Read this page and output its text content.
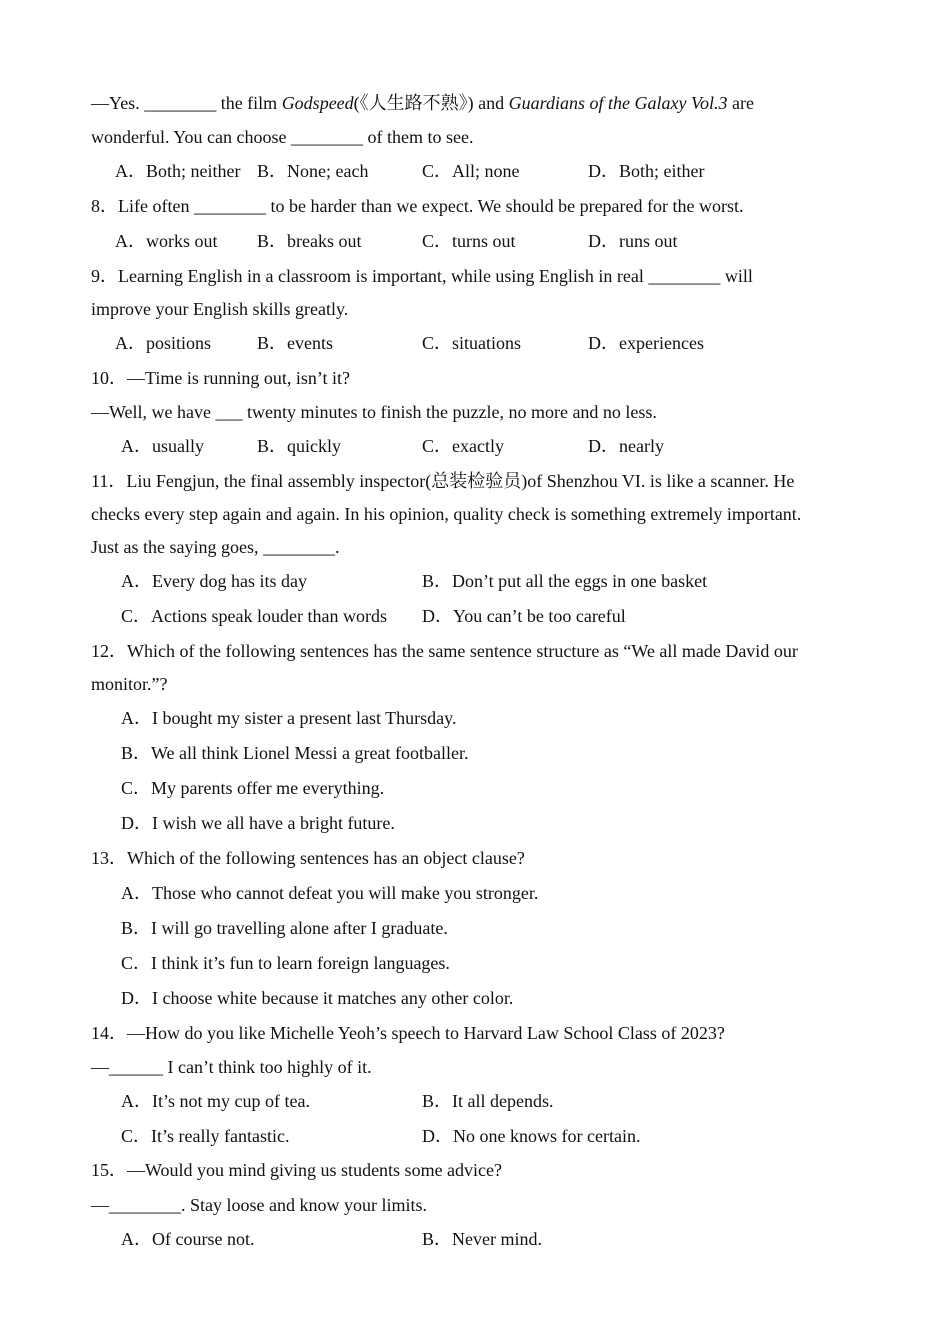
—Yes. ________ the film Godspeed(《人生路不熟》) and Guardians of the Galaxy Vol.3 are
wonderful. You can choose ________ of them to see.
A．Both; neither B．None; each	C．All; none	D．Both; either
8．Life often ________ to be harder than we expect. We should be prepared for the worst.
A．works out B．breaks out	C．turns out	D．runs out
9．Learning English in a classroom is important, while using English in real ________ will
improve your English skills greatly.
A．positions	B．events	C．situations	D．experiences
10．—Time is running out, isn’t it?
—Well, we have ___ twenty minutes to finish the puzzle, no more and no less.
A．usually	B．quickly	C．exactly	D．nearly
11．Liu Fengjun, the final assembly inspector(总装检验员)of Shenzhou VI. is like a scanner. He
checks every step again and again. In his opinion, quality check is something extremely important.
Just as the saying goes, ________.
A．Every dog has its day	B．Don’t put all the eggs in one basket
C．Actions speak louder than words D．You can’t be too careful
12．Which of the following sentences has the same sentence structure as “We all made David our
monitor.”?
A．I bought my sister a present last Thursday.
B．We all think Lionel Messi a great footballer.
C．My parents offer me everything.
D．I wish we all have a bright future.
13．Which of the following sentences has an object clause?
A．Those who cannot defeat you will make you stronger.
B．I will go travelling alone after I graduate.
C．I think it’s fun to learn foreign languages.
D．I choose white because it matches any other color.
14．—How do you like Michelle Yeoh’s speech to Harvard Law School Class of 2023?
—______ I can’t think too highly of it.
A．It’s not my cup of tea.	B．It all depends.
C．It’s really fantastic.	D．No one knows for certain.
15．—Would you mind giving us students some advice?
—________. Stay loose and know your limits.
A．Of course not.	B．Never mind.
